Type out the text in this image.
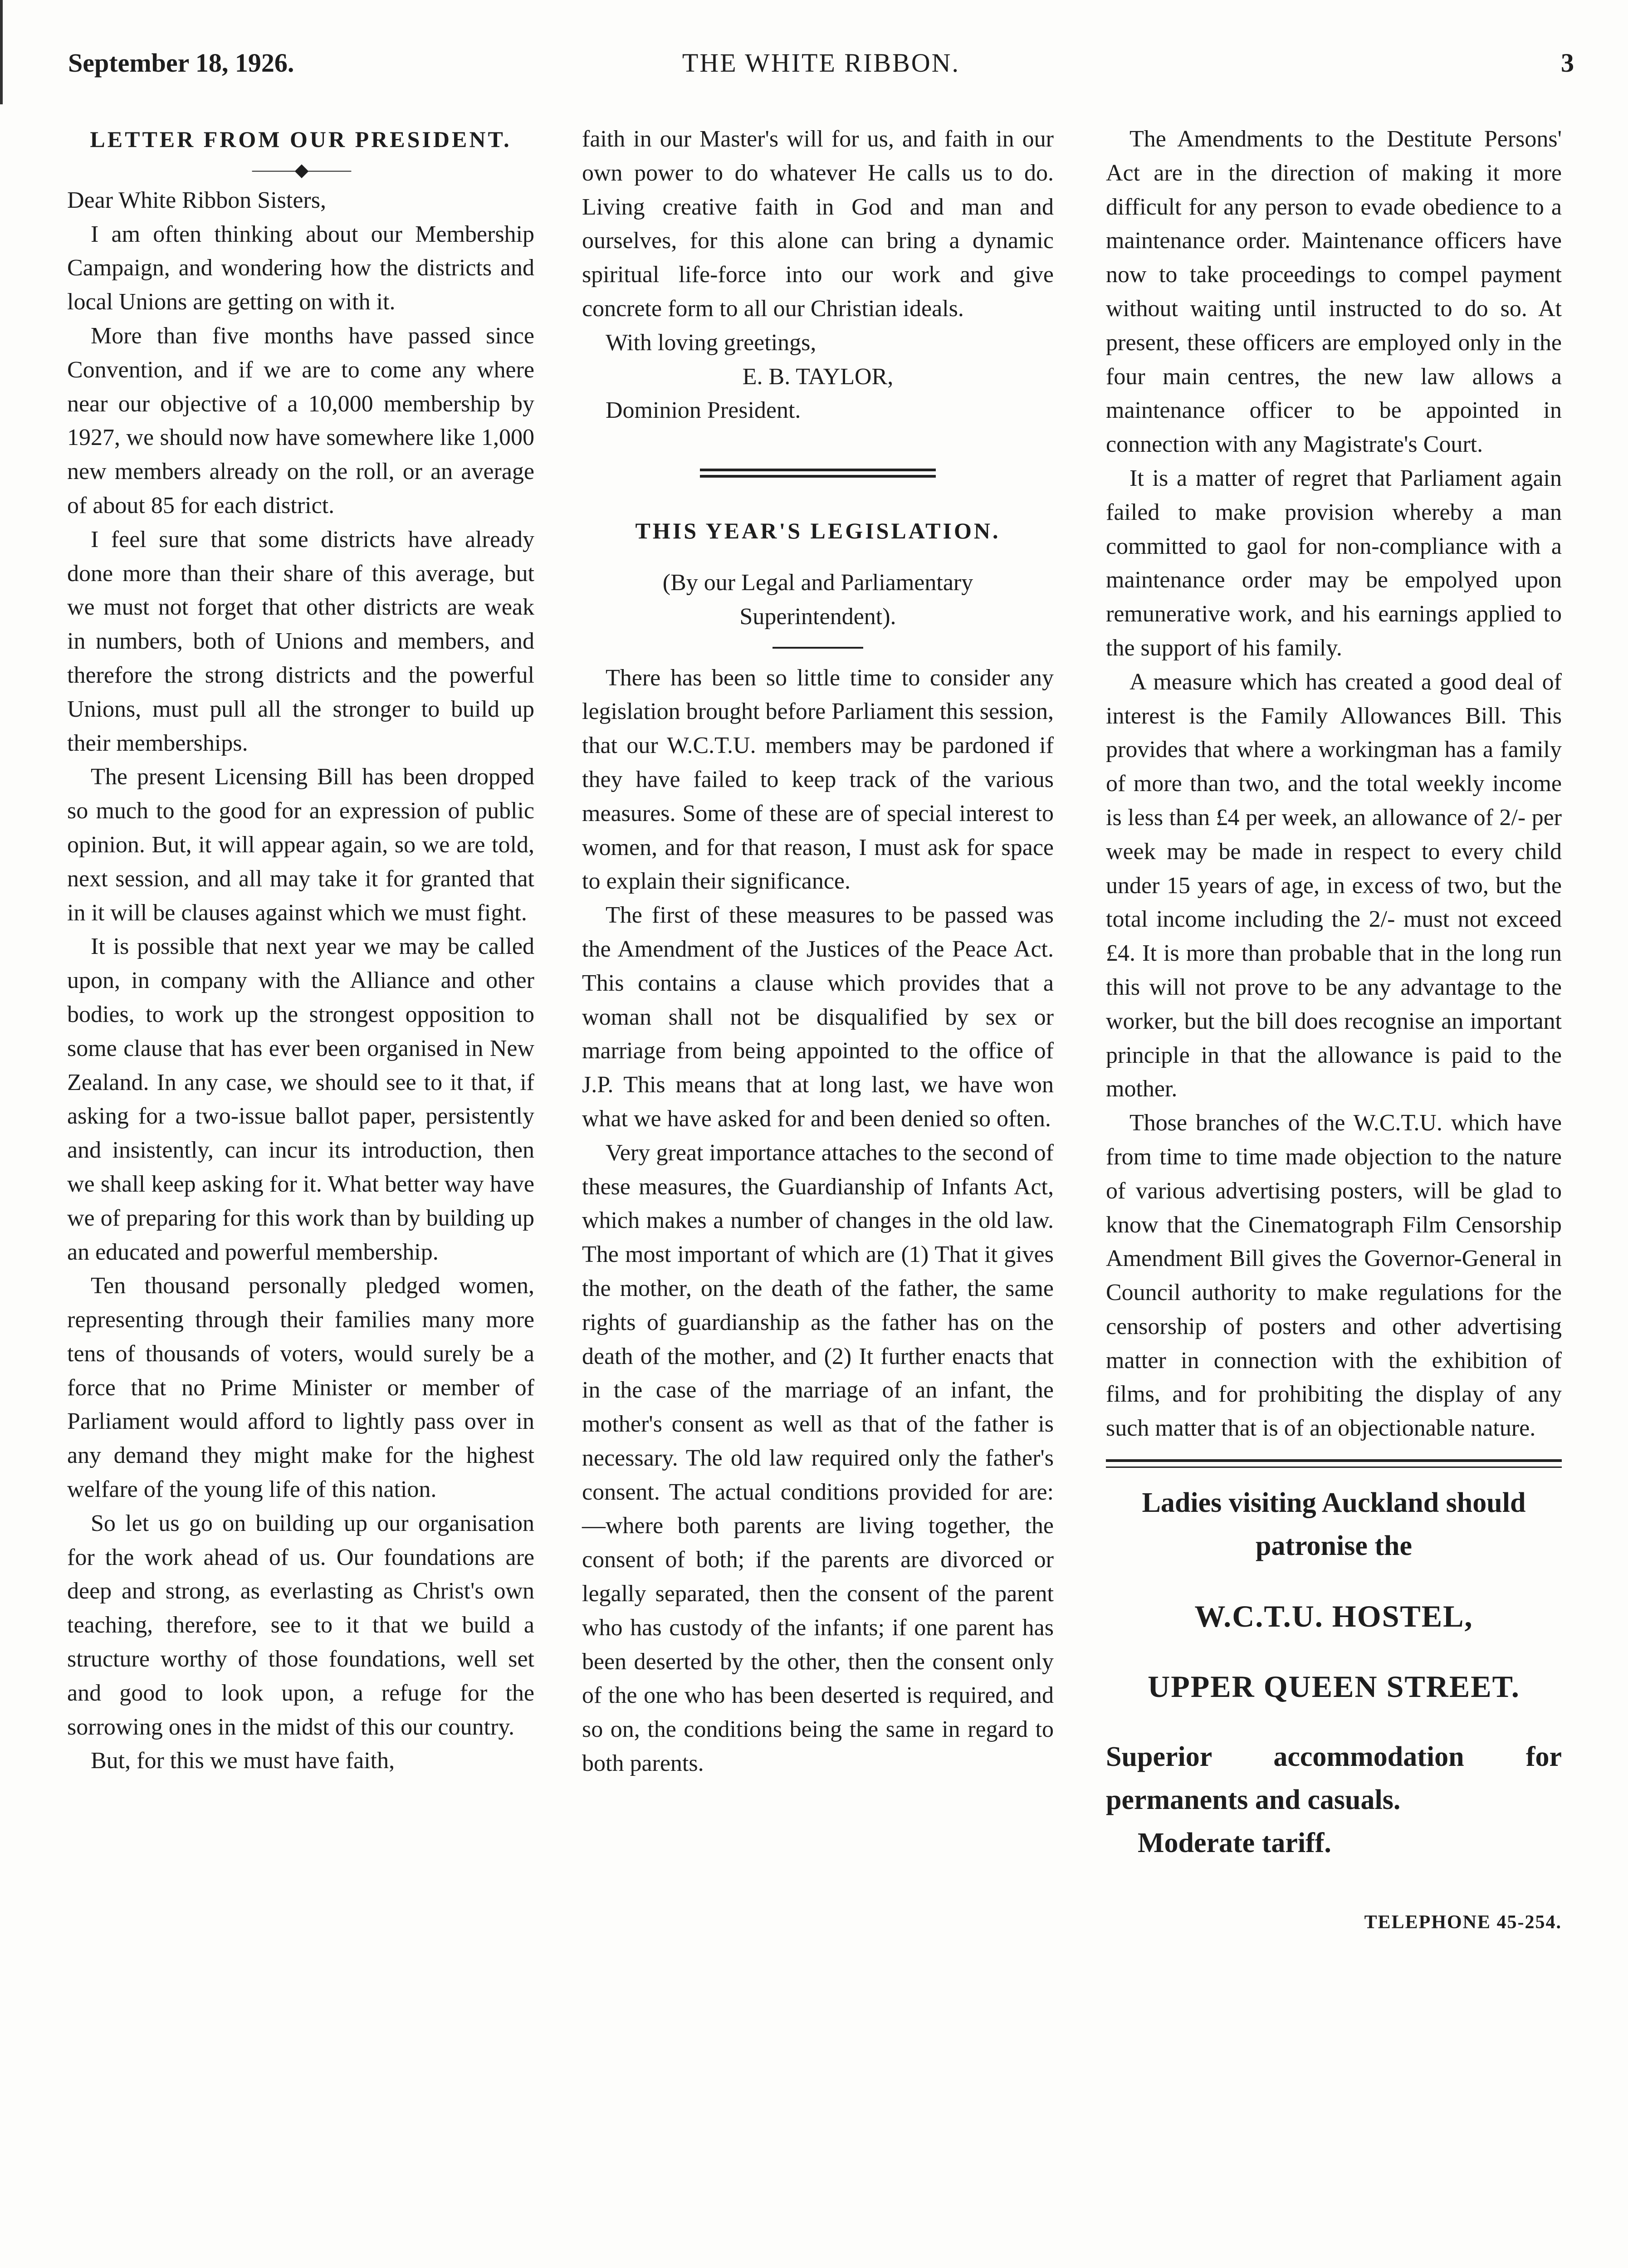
September 18, 1926.	THE WHITE RIBBON.	3
LETTER FROM OUR PRESIDENT.
⸻◆⸻

Dear White Ribbon Sisters,

I am often thinking about our Membership Campaign, and wondering how the districts and local Unions are getting on with it.

More than five months have passed since Convention, and if we are to come any where near our objective of a 10,000 membership by 1927, we should now have somewhere like 1,000 new members already on the roll, or an average of about 85 for each district.

I feel sure that some districts have already done more than their share of this average, but we must not forget that other districts are weak in numbers, both of Unions and members, and therefore the strong districts and the powerful Unions, must pull all the stronger to build up their memberships.

The present Licensing Bill has been dropped so much to the good for an expression of public opinion. But, it will appear again, so we are told, next session, and all may take it for granted that in it will be clauses against which we must fight.

It is possible that next year we may be called upon, in company with the Alliance and other bodies, to work up the strongest opposition to some clause that has ever been organised in New Zealand. In any case, we should see to it that, if asking for a two-issue ballot paper, persistently and insistently, can incur its introduction, then we shall keep asking for it. What better way have we of preparing for this work than by building up an educated and powerful membership.

Ten thousand personally pledged women, representing through their families many more tens of thousands of voters, would surely be a force that no Prime Minister or member of Parliament would afford to lightly pass over in any demand they might make for the highest welfare of the young life of this nation.

So let us go on building up our organisation for the work ahead of us. Our foundations are deep and strong, as everlasting as Christ's own teaching, therefore, see to it that we build a structure worthy of those foundations, well set and good to look upon, a refuge for the sorrowing ones in the midst of this our country.

But, for this we must have faith,

faith in our Master's will for us, and faith in our own power to do whatever He calls us to do. Living creative faith in God and man and ourselves, for this alone can bring a dynamic spiritual life-force into our work and give concrete form to all our Christian ideals.

With loving greetings,

E. B. TAYLOR,

Dominion President.

THIS YEAR'S LEGISLATION.

(By our Legal and Parliamentary Superintendent).

There has been so little time to consider any legislation brought before Parliament this session, that our W.C.T.U. members may be pardoned if they have failed to keep track of the various measures. Some of these are of special interest to women, and for that reason, I must ask for space to explain their significance.

The first of these measures to be passed was the Amendment of the Justices of the Peace Act. This contains a clause which provides that a woman shall not be disqualified by sex or marriage from being appointed to the office of J.P. This means that at long last, we have won what we have asked for and been denied so often.

Very great importance attaches to the second of these measures, the Guardianship of Infants Act, which makes a number of changes in the old law. The most important of which are (1) That it gives the mother, on the death of the father, the same rights of guardianship as the father has on the death of the mother, and (2) It further enacts that in the case of the marriage of an infant, the mother's consent as well as that of the father is necessary. The old law required only the father's consent. The actual conditions provided for are:—where both parents are living together, the consent of both; if the parents are divorced or legally separated, then the consent of the parent who has custody of the infants; if one parent has been deserted by the other, then the consent only of the one who has been deserted is required, and so on, the conditions being the same in regard to both parents.

The Amendments to the Destitute Persons' Act are in the direction of making it more difficult for any person to evade obedience to a maintenance order. Maintenance officers have now to take proceedings to compel payment without waiting until instructed to do so. At present, these officers are employed only in the four main centres, the new law allows a maintenance officer to be appointed in connection with any Magistrate's Court.

It is a matter of regret that Parliament again failed to make provision whereby a man committed to gaol for non-compliance with a maintenance order may be empolyed upon remunerative work, and his earnings applied to the support of his family.

A measure which has created a good deal of interest is the Family Allowances Bill. This provides that where a workingman has a family of more than two, and the total weekly income is less than £4 per week, an allowance of 2/- per week may be made in respect to every child under 15 years of age, in excess of two, but the total income including the 2/- must not exceed £4. It is more than probable that in the long run this will not prove to be any advantage to the worker, but the bill does recognise an important principle in that the allowance is paid to the mother.

Those branches of the W.C.T.U. which have from time to time made objection to the nature of various advertising posters, will be glad to know that the Cinematograph Film Censorship Amendment Bill gives the Governor-General in Council authority to make regulations for the censorship of posters and other advertising matter in connection with the exhibition of films, and for prohibiting the display of any such matter that is of an objectionable nature.

Ladies visiting Auckland should
patronise the
W.C.T.U. HOSTEL,
UPPER QUEEN STREET.
Superior accommodation for
permanents and casuals.
Moderate tariff.
TELEPHONE 45-254.
